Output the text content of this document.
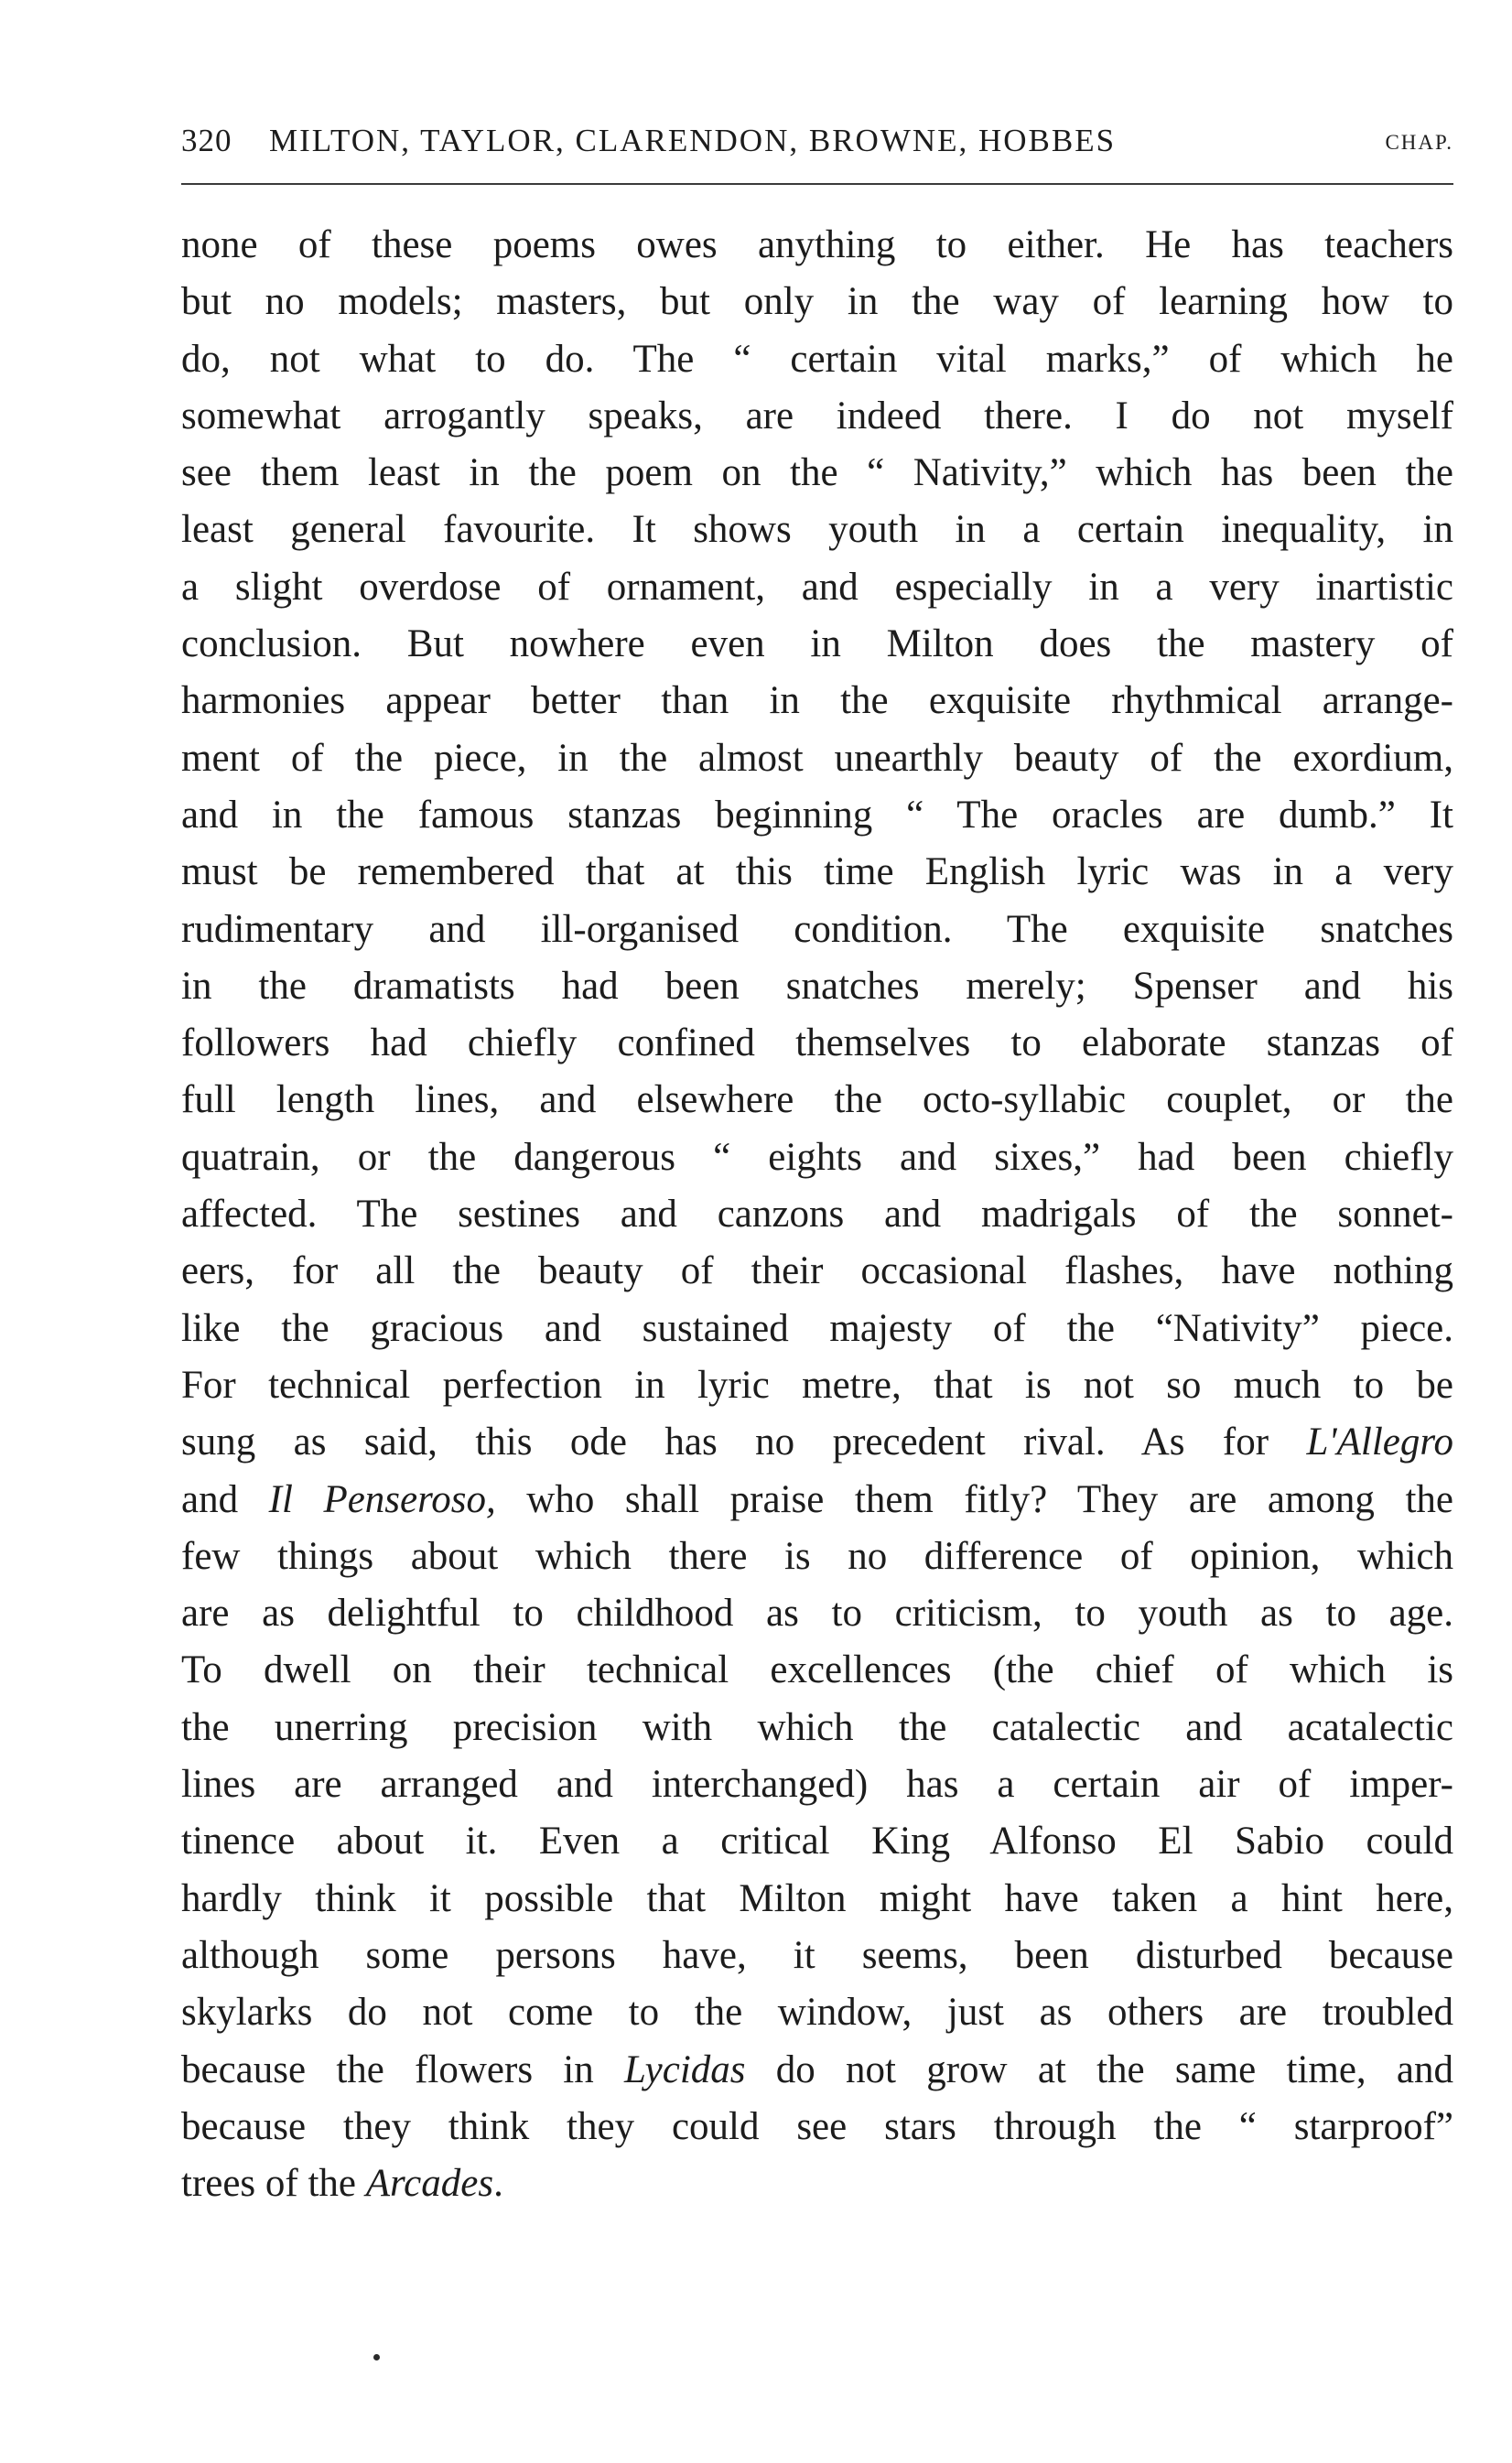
320 MILTON, TAYLOR, CLARENDON, BROWNE, HOBBES	CHAP.
none of these poems owes anything to either. He has teachers
but no models; masters, but only in the way of learning how to
do, not what to do. The “ certain vital marks,” of which he
somewhat arrogantly speaks, are indeed there. I do not myself
see them least in the poem on the “ Nativity,” which has been the
least general favourite. It shows youth in a certain inequality, in
a slight overdose of ornament, and especially in a very inartistic
conclusion. But nowhere even in Milton does the mastery of
harmonies appear better than in the exquisite rhythmical arrange-
ment of the piece, in the almost unearthly beauty of the exordium,
and in the famous stanzas beginning “ The oracles are dumb.” It
must be remembered that at this time English lyric was in a very
rudimentary and ill-organised condition. The exquisite snatches
in the dramatists had been snatches merely; Spenser and his
followers had chiefly confined themselves to elaborate stanzas of
full length lines, and elsewhere the octo-syllabic couplet, or the
quatrain, or the dangerous “ eights and sixes,” had been chiefly
affected. The sestines and canzons and madrigals of the sonnet-
eers, for all the beauty of their occasional flashes, have nothing
like the gracious and sustained majesty of the “Nativity” piece.
For technical perfection in lyric metre, that is not so much to be
sung as said, this ode has no precedent rival. As for L'Allegro
and Il Penseroso, who shall praise them fitly? They are among the
few things about which there is no difference of opinion, which
are as delightful to childhood as to criticism, to youth as to age.
To dwell on their technical excellences (the chief of which is
the unerring precision with which the catalectic and acatalectic
lines are arranged and interchanged) has a certain air of imper-
tinence about it. Even a critical King Alfonso El Sabio could
hardly think it possible that Milton might have taken a hint here,
although some persons have, it seems, been disturbed because
skylarks do not come to the window, just as others are troubled
because the flowers in Lycidas do not grow at the same time, and
because they think they could see stars through the “ starproof”
trees of the Arcades.
